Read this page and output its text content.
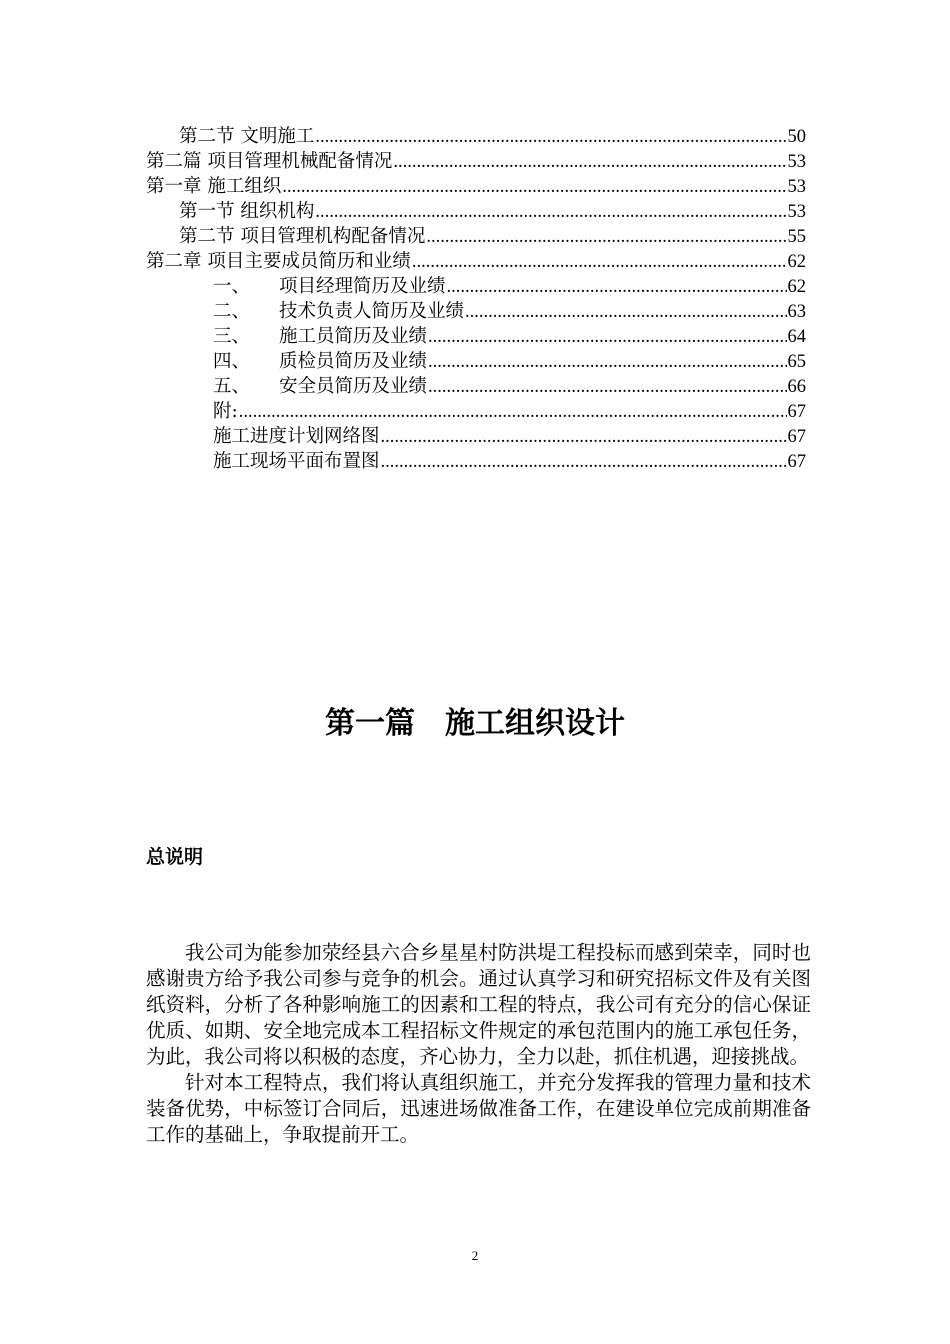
第二节 文明施工 .....	50
第二篇 项目管理机械配备情况 .....	53
第一章 施工组织 .....	53
第一节 组织机构 .....	53
第二节 项目管理机构配备情况 .....	55
第二章 项目主要成员简历和业绩 .....	62
一、	项目经理简历及业绩 .....	62
二、	技术负责人简历及业绩 .....	63
三、	施工员简历及业绩 .....	64
四、	质检员简历及业绩 .....	65
五、	安全员简历及业绩 .....	66
附: .....	67
施工进度计划网络图 .....	67
施工现场平面布置图 .....	67
第一篇 施工组织设计
总说明

我公司为能参加荥经县六合乡星星村防洪堤工程投标而感到荣幸，同时也感谢贵方给予我公司参与竞争的机会。通过认真学习和研究招标文件及有关图纸资料，分析了各种影响施工的因素和工程的特点，我公司有充分的信心保证优质、如期、安全地完成本工程招标文件规定的承包范围内的施工承包任务，为此，我公司将以积极的态度，齐心协力，全力以赴，抓住机遇，迎接挑战。

针对本工程特点，我们将认真组织施工，并充分发挥我的管理力量和技术装备优势，中标签订合同后，迅速进场做准备工作，在建设单位完成前期准备工作的基础上，争取提前开工。

2
